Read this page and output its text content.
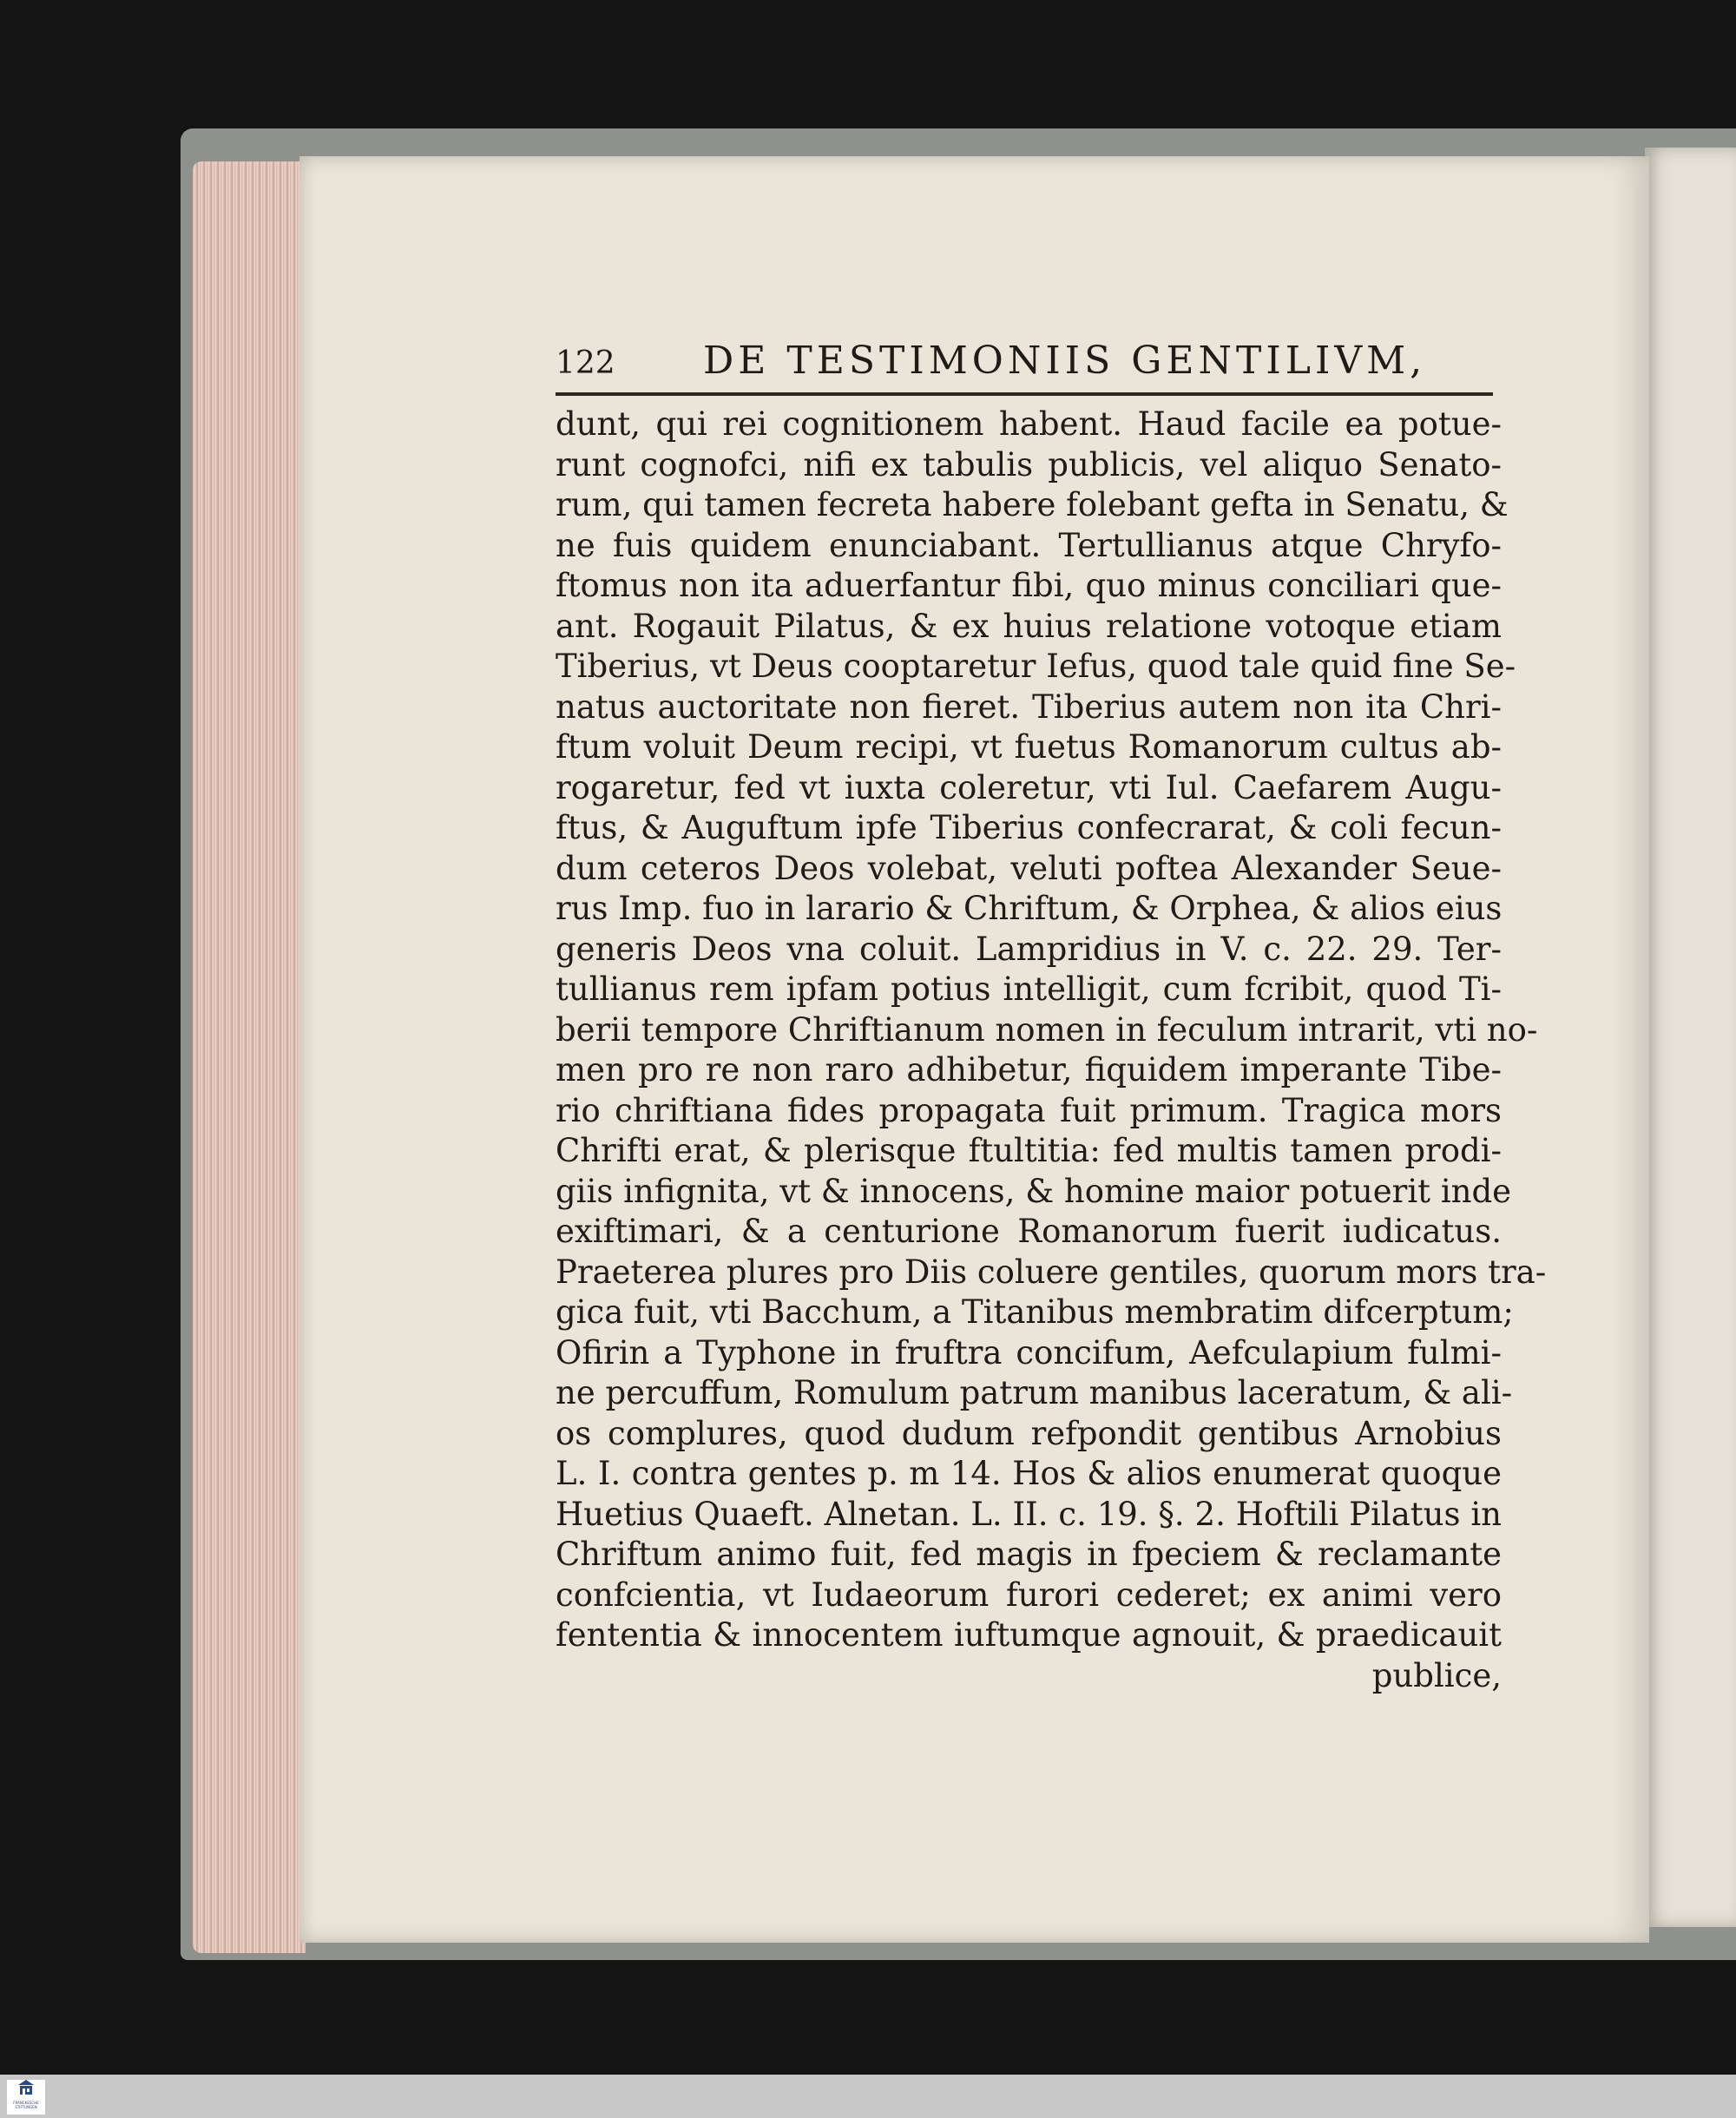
122 DE TESTIMONIIS GENTILIVM,
dunt, qui rei cognitionem habent. Haud facile ea potue-
runt cognofci, nifi ex tabulis publicis, vel aliquo Senato-
rum, qui tamen fecreta habere folebant gefta in Senatu, &
ne fuis quidem enunciabant. Tertullianus atque Chryfo-
ftomus non ita aduerfantur fibi, quo minus conciliari que-
ant. Rogauit Pilatus, & ex huius relatione votoque etiam
Tiberius, vt Deus cooptaretur Iefus, quod tale quid fine Se-
natus auctoritate non fieret. Tiberius autem non ita Chri-
ftum voluit Deum recipi, vt fuetus Romanorum cultus ab-
rogaretur, fed vt iuxta coleretur, vti Iul. Caefarem Augu-
ftus, & Auguftum ipfe Tiberius confecrarat, & coli fecun-
dum ceteros Deos volebat, veluti poftea Alexander Seue-
rus Imp. fuo in larario & Chriftum, & Orphea, & alios eius
generis Deos vna coluit. Lampridius in V. c. 22. 29. Ter-
tullianus rem ipfam potius intelligit, cum fcribit, quod Ti-
berii tempore Chriftianum nomen in feculum intrarit, vti no-
men pro re non raro adhibetur, fiquidem imperante Tibe-
rio chriftiana fides propagata fuit primum. Tragica mors
Chrifti erat, & plerisque ftultitia: fed multis tamen prodi-
giis infignita, vt & innocens, & homine maior potuerit inde
exiftimari, & a centurione Romanorum fuerit iudicatus.
Praeterea plures pro Diis coluere gentiles, quorum mors tra-
gica fuit, vti Bacchum, a Titanibus membratim difcerptum;
Ofirin a Typhone in fruftra concifum, Aefculapium fulmi-
ne percuffum, Romulum patrum manibus laceratum, & ali-
os complures, quod dudum refpondit gentibus Arnobius
L. I. contra gentes p. m 14. Hos & alios enumerat quoque
Huetius Quaeft. Alnetan. L. II. c. 19. §. 2. Hoftili Pilatus in
Chriftum animo fuit, fed magis in fpeciem & reclamante
confcientia, vt Iudaeorum furori cederet; ex animi vero
fententia & innocentem iuftumque agnouit, & praedicauit
publice,
FRANCKESCHE STIFTUNGEN
